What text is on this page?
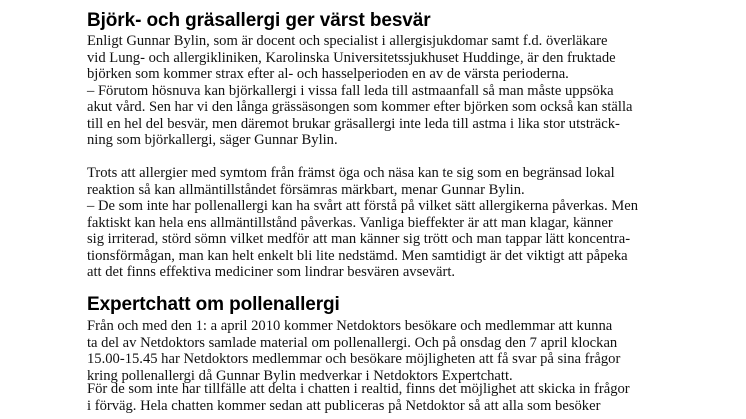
Björk- och gräsallergi ger värst besvär
Enligt Gunnar Bylin, som är docent och specialist i allergisjukdomar samt f.d. överläkare
vid Lung- och allergikliniken, Karolinska Universitetssjukhuset Huddinge, är den fruktade
björken som kommer strax efter al- och hasselperioden en av de värsta perioderna.
– Förutom hösnuva kan björkallergi i vissa fall leda till astmaanfall så man måste uppsöka
akut vård. Sen har vi den långa grässäsongen som kommer efter björken som också kan ställa
till en hel del besvär, men däremot brukar gräsallergi inte leda till astma i lika stor utsträck-
ning som björkallergi, säger Gunnar Bylin.
Trots att allergier med symtom från främst öga och näsa kan te sig som en begränsad lokal
reaktion så kan allmäntillståndet försämras märkbart, menar Gunnar Bylin.
– De som inte har pollenallergi kan ha svårt att förstå på vilket sätt allergikerna påverkas. Men
faktiskt kan hela ens allmäntillstånd påverkas. Vanliga bieffekter är att man klagar, känner
sig irriterad, störd sömn vilket medför att man känner sig trött och man tappar lätt koncentra-
tionsförmågan, man kan helt enkelt bli lite nedstämd. Men samtidigt är det viktigt att påpeka
att det finns effektiva mediciner som lindrar besvären avsevärt.
Expertchatt om pollenallergi
Från och med den 1: a april 2010 kommer Netdoktors besökare och medlemmar att kunna
ta del av Netdoktors samlade material om pollenallergi. Och på onsdag den 7 april klockan
15.00-15.45 har Netdoktors medlemmar och besökare möjligheten att få svar på sina frågor
kring pollenallergi då Gunnar Bylin medverkar i Netdoktors Expertchatt.
För de som inte har tillfälle att delta i chatten i realtid, finns det möjlighet att skicka in frågor
i förväg. Hela chatten kommer sedan att publiceras på Netdoktor så att alla som besöker
